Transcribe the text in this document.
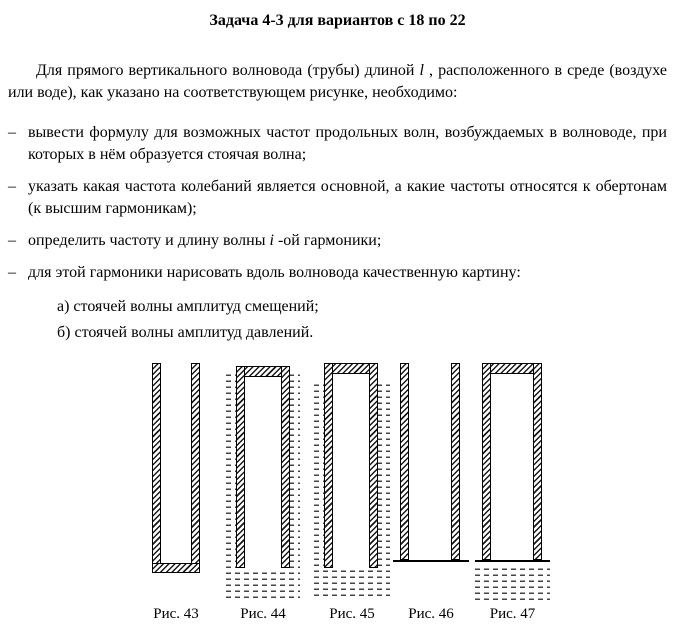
Задача 4-3 для вариантов с 18 по 22

Для прямого вертикального волновода (трубы) длиной l , расположенного в среде (воздухе или воде), как указано на соответствующем рисунке, необходимо:

– вывести формулу для возможных частот продольных волн, возбуждаемых в волноводе, при которых в нём образуется стоячая волна;
– указать какая частота колебаний является основной, а какие частоты относятся к обертонам (к высшим гармоникам);
– определить частоту и длину волны i -ой гармоники;
– для этой гармоники нарисовать вдоль волновода качественную картину:
а) стоячей волны амплитуд смещений;
б) стоячей волны амплитуд давлений.
Рис. 43	Рис. 44	Рис. 45	Рис. 46	Рис. 47
